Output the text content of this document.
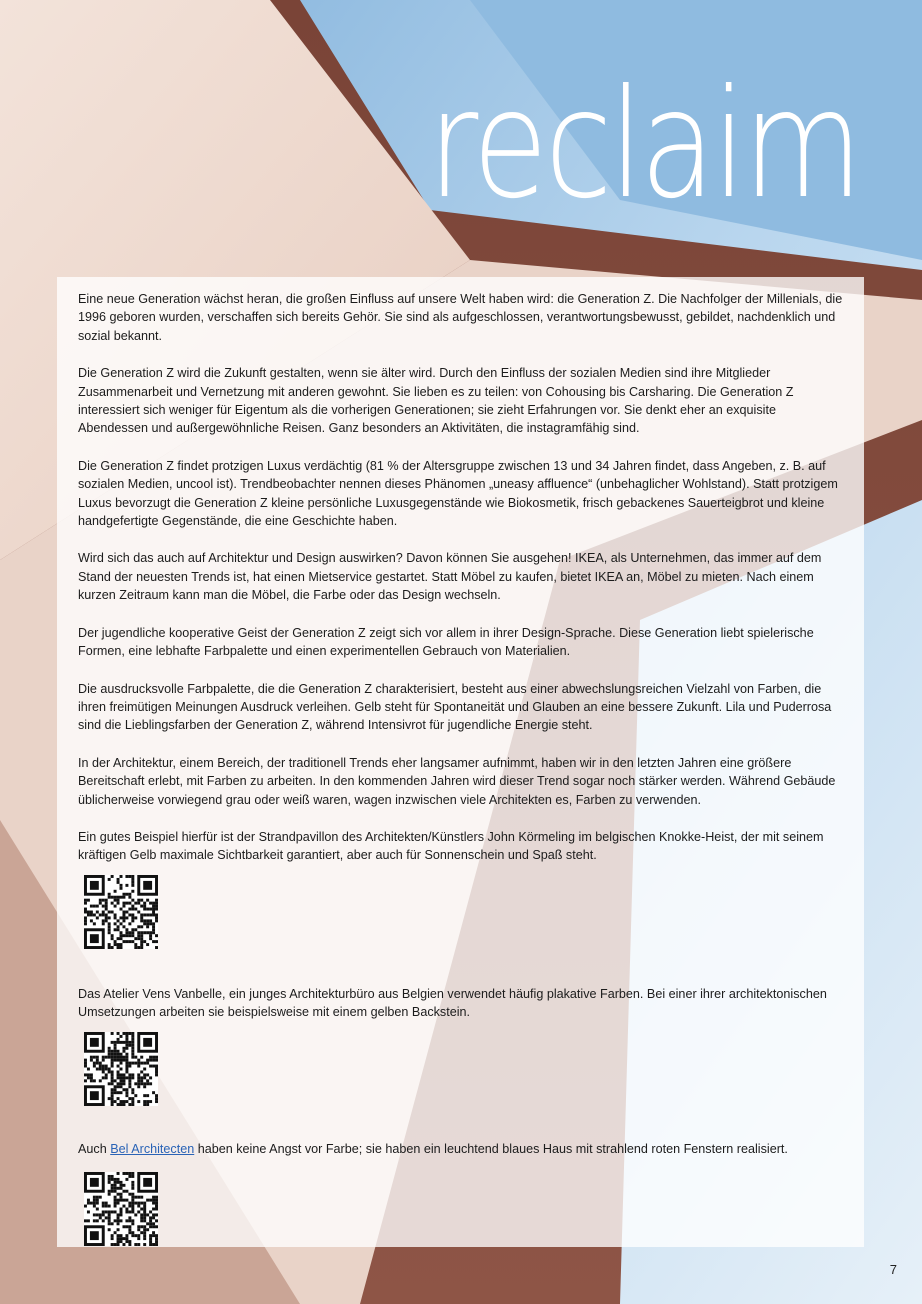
reclaim

Eine neue Generation wächst heran, die großen Einfluss auf unsere Welt haben wird: die Generation Z. Die Nachfolger der Millenials, die 1996 geboren wurden, verschaffen sich bereits Gehör. Sie sind als aufgeschlossen, verantwortungsbewusst, gebildet, nachdenklich und sozial bekannt.

Die Generation Z wird die Zukunft gestalten, wenn sie älter wird. Durch den Einfluss der sozialen Medien sind ihre Mitglieder Zusammenarbeit und Vernetzung mit anderen gewohnt. Sie lieben es zu teilen: von Cohousing bis Carsharing. Die Generation Z interessiert sich weniger für Eigentum als die vorherigen Generationen; sie zieht Erfahrungen vor. Sie denkt eher an exquisite Abendessen und außergewöhnliche Reisen. Ganz besonders an Aktivitäten, die instagramfähig sind.

Die Generation Z findet protzigen Luxus verdächtig (81 % der Altersgruppe zwischen 13 und 34 Jahren findet, dass Angeben, z. B. auf sozialen Medien, uncool ist). Trendbeobachter nennen dieses Phänomen „uneasy affluence“ (unbehaglicher Wohlstand). Statt protzigem Luxus bevorzugt die Generation Z kleine persönliche Luxusgegenstände wie Biokosmetik, frisch gebackenes Sauerteigbrot und kleine handgefertigte Gegenstände, die eine Geschichte haben.

Wird sich das auch auf Architektur und Design auswirken? Davon können Sie ausgehen! IKEA, als Unternehmen, das immer auf dem Stand der neuesten Trends ist, hat einen Mietservice gestartet. Statt Möbel zu kaufen, bietet IKEA an, Möbel zu mieten. Nach einem kurzen Zeitraum kann man die Möbel, die Farbe oder das Design wechseln.

Der jugendliche kooperative Geist der Generation Z zeigt sich vor allem in ihrer Design-Sprache. Diese Generation liebt spielerische Formen, eine lebhafte Farbpalette und einen experimentellen Gebrauch von Materialien.

Die ausdrucksvolle Farbpalette, die die Generation Z charakterisiert, besteht aus einer abwechslungsreichen Vielzahl von Farben, die ihren freimütigen Meinungen Ausdruck verleihen. Gelb steht für Spontaneität und Glauben an eine bessere Zukunft. Lila und Puderrosa sind die Lieblingsfarben der Generation Z, während Intensivrot für jugendliche Energie steht.

In der Architektur, einem Bereich, der traditionell Trends eher langsamer aufnimmt, haben wir in den letzten Jahren eine größere Bereitschaft erlebt, mit Farben zu arbeiten. In den kommenden Jahren wird dieser Trend sogar noch stärker werden. Während Gebäude üblicherweise vorwiegend grau oder weiß waren, wagen inzwischen viele Architekten es, Farben zu verwenden.

Ein gutes Beispiel hierfür ist der Strandpavillon des Architekten/Künstlers John Körmeling im belgischen Knokke-Heist, der mit seinem kräftigen Gelb maximale Sichtbarkeit garantiert, aber auch für Sonnenschein und Spaß steht.

Das Atelier Vens Vanbelle, ein junges Architekturbüro aus Belgien verwendet häufig plakative Farben. Bei einer ihrer architektonischen Umsetzungen arbeiten sie beispielsweise mit einem gelben Backstein.

Auch Bel Architecten haben keine Angst vor Farbe; sie haben ein leuchtend blaues Haus mit strahlend roten Fenstern realisiert.

7
